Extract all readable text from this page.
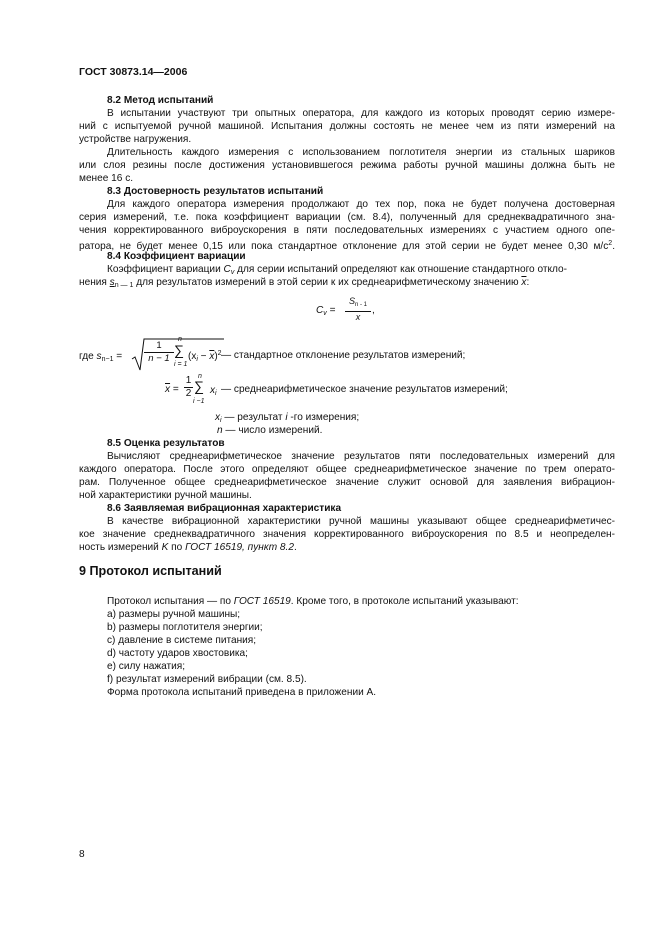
ГОСТ 30873.14—2006
8.2 Метод испытаний
В испытании участвуют три опытных оператора, для каждого из которых проводят серию измере-
ний с испытуемой ручной машиной. Испытания должны состоять не менее чем из пяти измерений на
устройстве нагружения.
Длительность каждого измерения с использованием поглотителя энергии из стальных шариков
или слоя резины после достижения установившегося режима работы ручной машины должна быть не
менее 16 с.
8.3 Достоверность результатов испытаний
Для каждого оператора измерения продолжают до тех пор, пока не будет получена достоверная
серия измерений, т.е. пока коэффициент вариации (см. 8.4), полученный для среднеквадратичного зна-
чения корректированного виброускорения в пяти последовательных измерениях с участием одного опе-
ратора, не будет менее 0,15 или пока стандартное отклонение для этой серии не будет менее 0,30 $м/с^2$.
8.4 Коэффициент вариации
Коэффициент вариации $C_v$ для серии испытаний определяют как отношение стандартного откло-
нения $s_{n — 1}$ для результатов измерений в этой серии к их среднеарифметическому значению $\overline{x}$:
$C_v = \frac{S_{n - 1}}{x}$ ,
где $s_{n-1} = \frac{1}{n - 1}$
n
∑
i = 1
$(x_i - \overline{x})^2$ — стандартное отклонение результатов измерений;
$\overline{x} = \frac{1}{2}$ n
∑
i −1
$x_i$ — среднеарифметическое значение результатов измерений;
$x_i$ — результат i -го измерения;
n — число измерений.
8.5 Оценка результатов
Вычисляют среднеарифметическое значение результатов пяти последовательных измерений для
каждого оператора. После этого определяют общее среднеарифметическое значение по трем операто-
рам. Полученное общее среднеарифметическое значение служит основой для заявления вибрацион-
ной характеристики ручной машины.
8.6 Заявляемая вибрационная характеристика
В качестве вибрационной характеристики ручной машины указывают общее среднеарифметичес-
кое значение среднеквадратичного значения корректированного виброускорения по 8.5 и неопределен-
ность измерений K по ГОСТ 16519, пункт 8.2.
9 Протокол испытаний
Протокол испытания — по ГОСТ 16519. Кроме того, в протоколе испытаний указывают:
a) размеры ручной машины;
b) размеры поглотителя энергии;
c) давление в системе питания;
d) частоту ударов хвостовика;
e) силу нажатия;
f) результат измерений вибрации (см. 8.5).
Форма протокола испытаний приведена в приложении А.
8
